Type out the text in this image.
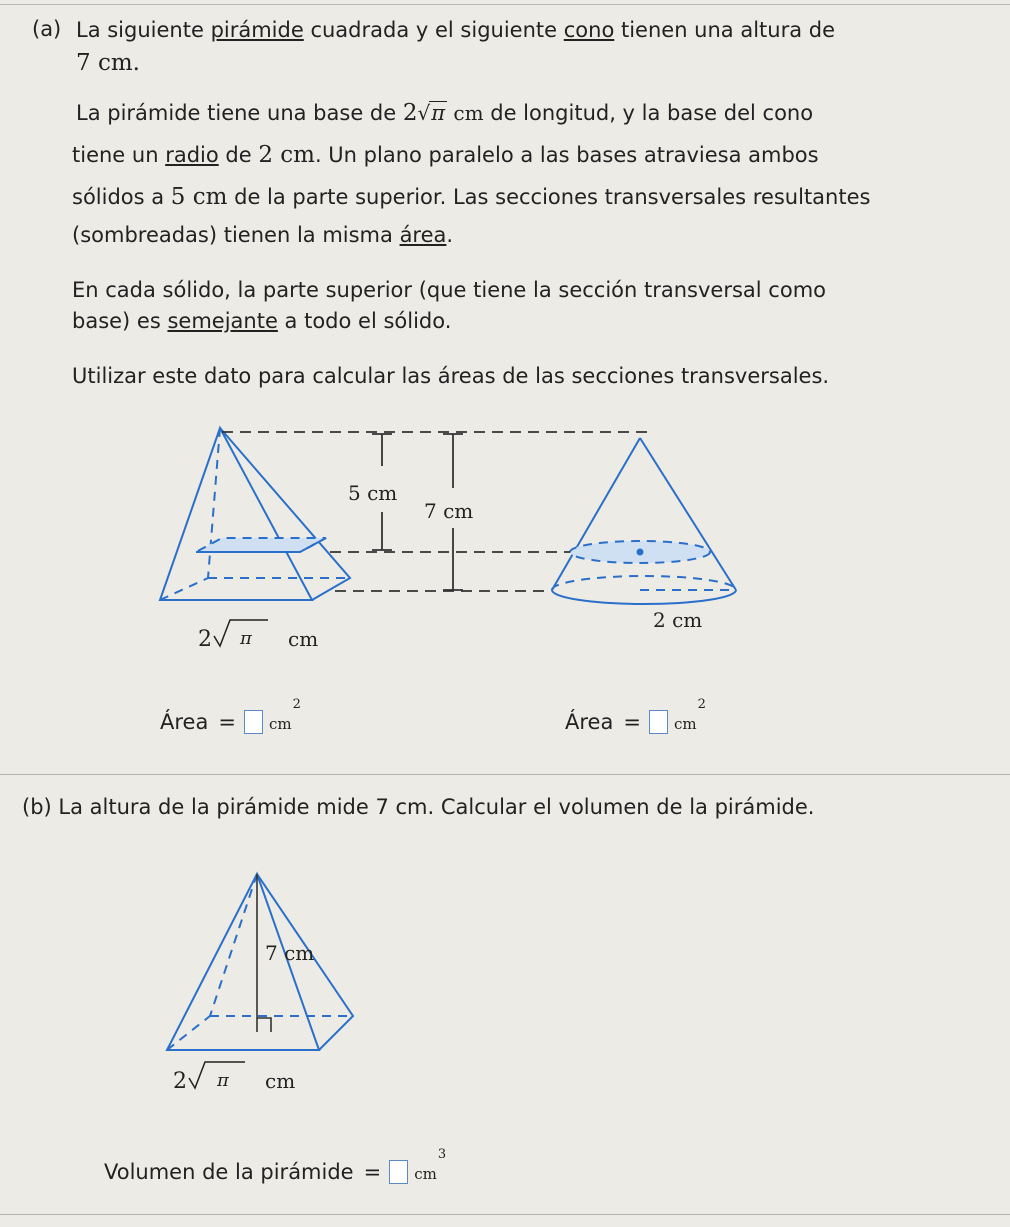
(a) La siguiente pirámide cuadrada y el siguiente cono tienen una altura de

7 cm.

La pirámide tiene una base de 2√π cm de longitud, y la base del cono

tiene un radio de 2 cm. Un plano paralelo a las bases atraviesa ambos

sólidos a 5 cm de la parte superior. Las secciones transversales resultantes

(sombreadas) tienen la misma área.

En cada sólido, la parte superior (que tiene la sección transversal como

base) es semejante a todo el sólido.

Utilizar este dato para calcular las áreas de las secciones transversales.

5 cm
7 cm
2 cm
2 π cm
Área = cm
2
Área = cm
2

(b) La altura de la pirámide mide 7 cm. Calcular el volumen de la pirámide.

7 cm
2 π cm
Volumen de la pirámide = cm
3
